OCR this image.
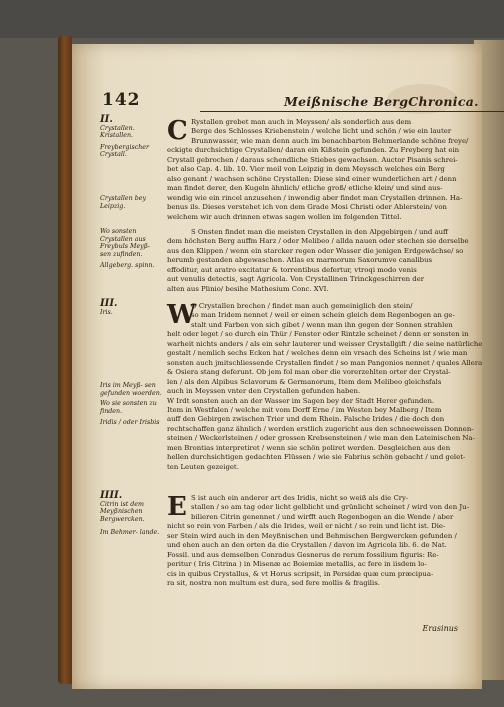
142	Meißnische BergChronica.
II.
Crystallen. Kristallen.
Freybergischer Crystall.
Crystallen bey Leipzig.
C Rystallen grebet man auch in Meyssen/ als sonderlich aus dem
Berge des Schlosses Kriebenstein / welche licht und schön / wie ein lauter
Brunnwasser, wie man denn auch im benachbarten Behmerlande schöne freye/
eckigte durchsichtige Crystallen/ daran ein Kißstein gefunden. Zu Freyberg hat ein
Crystall gebrochen / daraus schendliche Stiebes gewachsen. Auctor Pisanis schrei-
bet also Cap. 4. lib. 10. Vier meil von Leipzig in dem Meyssch welches ein Berg
also genant / wachsen schöne Crystallen: Diese sind einer wunderlichen art / denn
man findet derer, den Kugeln ähnlich/ etliche groß/ etliche klein/ und sind aus-
wendig wie ein rincel anzusehen / inwendig aber findet man Crystallen drinnen. Ha-
benus ils. Dieses verstehet ich von dem Grade Mosi Christi oder Ablerstein/ von
welchem wir auch drinnen etwas sagen wollen im folgenden Tittel.
Wo sonsten Crystallen aus Freybuls Meyß- sen zufinden.
Allgeberg. spinn.
S Onsten findet man die meisten Crystallen in den Alpgebirgen / und auff
dem höchsten Berg auffm Harz / oder Melibeo / allda nauen oder stechen sie derselbe
aus den Klippen / wenn ein starcker regen oder Wasser die jenigen Erdgewächse/ so
herumb gestanden abgewaschen. Atlas ex marmorum Saxorumve canalibus
effoditur, aut aratro excitatur & torrentibus defertur, vtroqi modo venis
aut venulis detectis, sagt Agricola. Von Crystallinen Trinckgeschirren der
alten aus Plinio/ besihe Mathesium Conc. XVI.
III.
Iris.
Iris im Meyß- sen gefunden woerden.
Wo sie sonsten zu finden.
Iridis / oder Irisbis
W
O Crystallen brechen / findet man auch gemeiniglich den stein/
so man Iridem nennet / weil er einen schein gleich dem Regenbogen an ge-
stalt und Farben von sich gibet / wenn man ihn gegen der Sonnen strahlen
helt oder leget / so durch ein Thür / Fenster oder Rintzle scheinet / denn er sonsten in
warheit nichts anders / als ein sehr lauterer und weisser Crystallgift / die seine natürliche
gestalt / nemlich sechs Ecken hat / welches denn ein vrsach des Scheins ist / wie man
sonsten auch jmitschliessende Crystallen findet / so man Pangonios nennet / quales Allera
& Osiera stang deferunt. Ob jem fol man ober die vorerzehlten orter der Crystal-
len / als den Alpibus Sclavorum & Germanorum, Item dem Melibeo gleichsfals
auch in Meyssen vnter den Crystallen gefunden haben.
W Irdt sonsten auch an der Wasser im Sagen bey der Stadt Herer gefunden.
Item in Westfalen / welche mit vom Dorff Erne / im Westen bey Malberg / Item
auff den Gebirgen zwischen Trier und dem Rhein. Falsche Irides / die doch den
rechtschaffen ganz ähnlich / werden erstlich zugericht aus den schneeweissen Donnen-
steinen / Weckerlsteinen / oder grossen Krebsensteinen / wie man den Lateinischen Na-
men Brontias interpretiret / wenn sie schön poliret werden. Desgleichen aus den
hellen durchsichtigen gedachten Flüssen / wie sie Fabrius schön gebacht / und gelet-
ten Leuten gezeiget.
IIII.
Citrin ist dem Meyßnischen Bergwercken.
Im Behmer- lande.
E S ist auch ein anderer art des Iridis, nicht so weiß als die Cry-
stallen / so am tag oder licht gelblicht und grünlicht scheinet / wird von den Ju-
bilieren Citrin genennet / und wirfft auch Regenbogen an die Wende / aber
nicht so rein von Farben / als die Irides, weil er nicht / so rein und licht ist. Die-
ser Stein wird auch in den Meyßnischen und Behmischen Bergwercken gefunden /
und ehen auch an den orten da die Crystallen / davon im Agricola lib. 6. de Nat.
Fossil. und aus demselben Conradus Gesnerus de rerum fossilium figuris: Re-
peritur ( Iris Citrina ) in Misenæ ac Boiemiæ metallis, ac fere in iisdem lo-
cis in quibus Crystallus, & vt Horus scripsit, in Persidæ quæ cum præcipua-
ra sit, nostra non multum est dura, sed fere mollis & fragilis.
Erasinus
